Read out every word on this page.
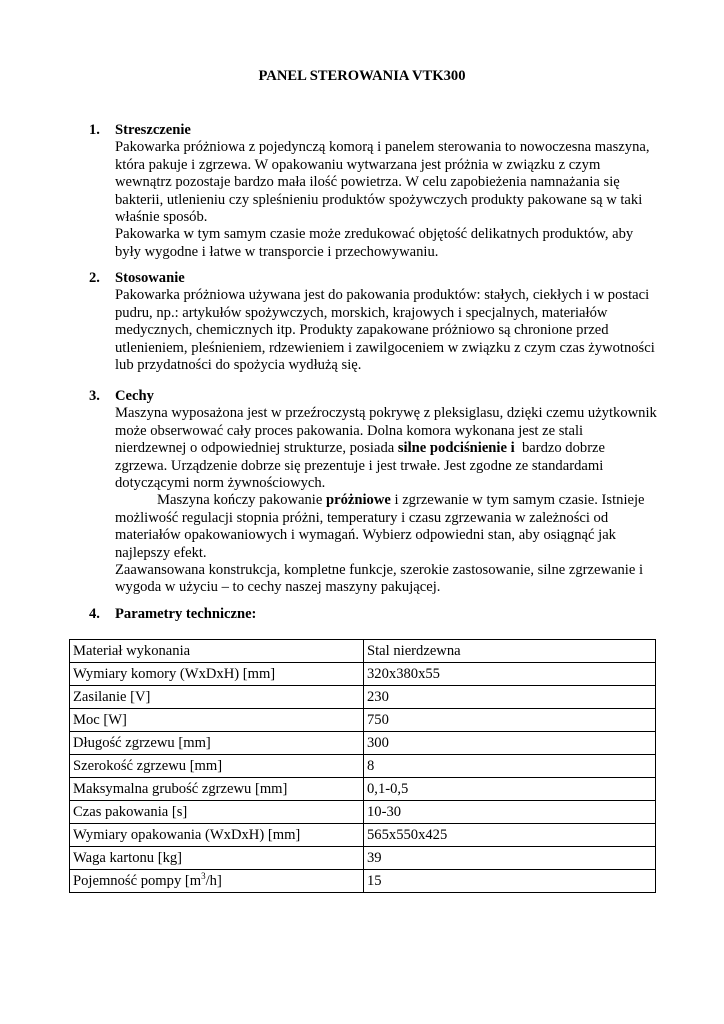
PANEL STEROWANIA VTK300
1.	Streszczenie

Pakowarka próżniowa z pojedynczą komorą i panelem sterowania to nowoczesna maszyna,

która pakuje i zgrzewa. W opakowaniu wytwarzana jest próżnia w związku z czym

wewnątrz pozostaje bardzo mała ilość powietrza. W celu zapobieżenia namnażania się

bakterii, utlenieniu czy spleśnieniu produktów spożywczych produkty pakowane są w taki

właśnie sposób.

Pakowarka w tym samym czasie może zredukować objętość delikatnych produktów, aby

były wygodne i łatwe w transporcie i przechowywaniu.

2.	Stosowanie

Pakowarka próżniowa używana jest do pakowania produktów: stałych, ciekłych i w postaci

pudru, np.: artykułów spożywczych, morskich, krajowych i specjalnych, materiałów

medycznych, chemicznych itp. Produkty zapakowane próżniowo są chronione przed

utlenieniem, pleśnieniem, rdzewieniem i zawilgoceniem w związku z czym czas żywotności

lub przydatności do spożycia wydłużą się.

3.	Cechy

Maszyna wyposażona jest w przeźroczystą pokrywę z pleksiglasu, dzięki czemu użytkownik

może obserwować cały proces pakowania. Dolna komora wykonana jest ze stali

nierdzewnej o odpowiedniej strukturze, posiada silne podciśnienie i  bardzo dobrze

zgrzewa. Urządzenie dobrze się prezentuje i jest trwałe. Jest zgodne ze standardami

dotyczącymi norm żywnościowych.

Maszyna kończy pakowanie próżniowe i zgrzewanie w tym samym czasie. Istnieje

możliwość regulacji stopnia próżni, temperatury i czasu zgrzewania w zależności od

materiałów opakowaniowych i wymagań. Wybierz odpowiedni stan, aby osiągnąć jak

najlepszy efekt.

Zaawansowana konstrukcja, kompletne funkcje, szerokie zastosowanie, silne zgrzewanie i

wygoda w użyciu – to cechy naszej maszyny pakującej.

4.	Parametry techniczne:

Materiał wykonania	Stal nierdzewna
Wymiary komory (WxDxH) [mm]	320x380x55
Zasilanie [V]	230
Moc [W]	750
Długość zgrzewu [mm]	300
Szerokość zgrzewu [mm]	8
Maksymalna grubość zgrzewu [mm]	0,1-0,5
Czas pakowania [s]	10-30
Wymiary opakowania (WxDxH) [mm]	565x550x425
Waga kartonu [kg]	39
Pojemność pompy $[m^3/h]$	15
